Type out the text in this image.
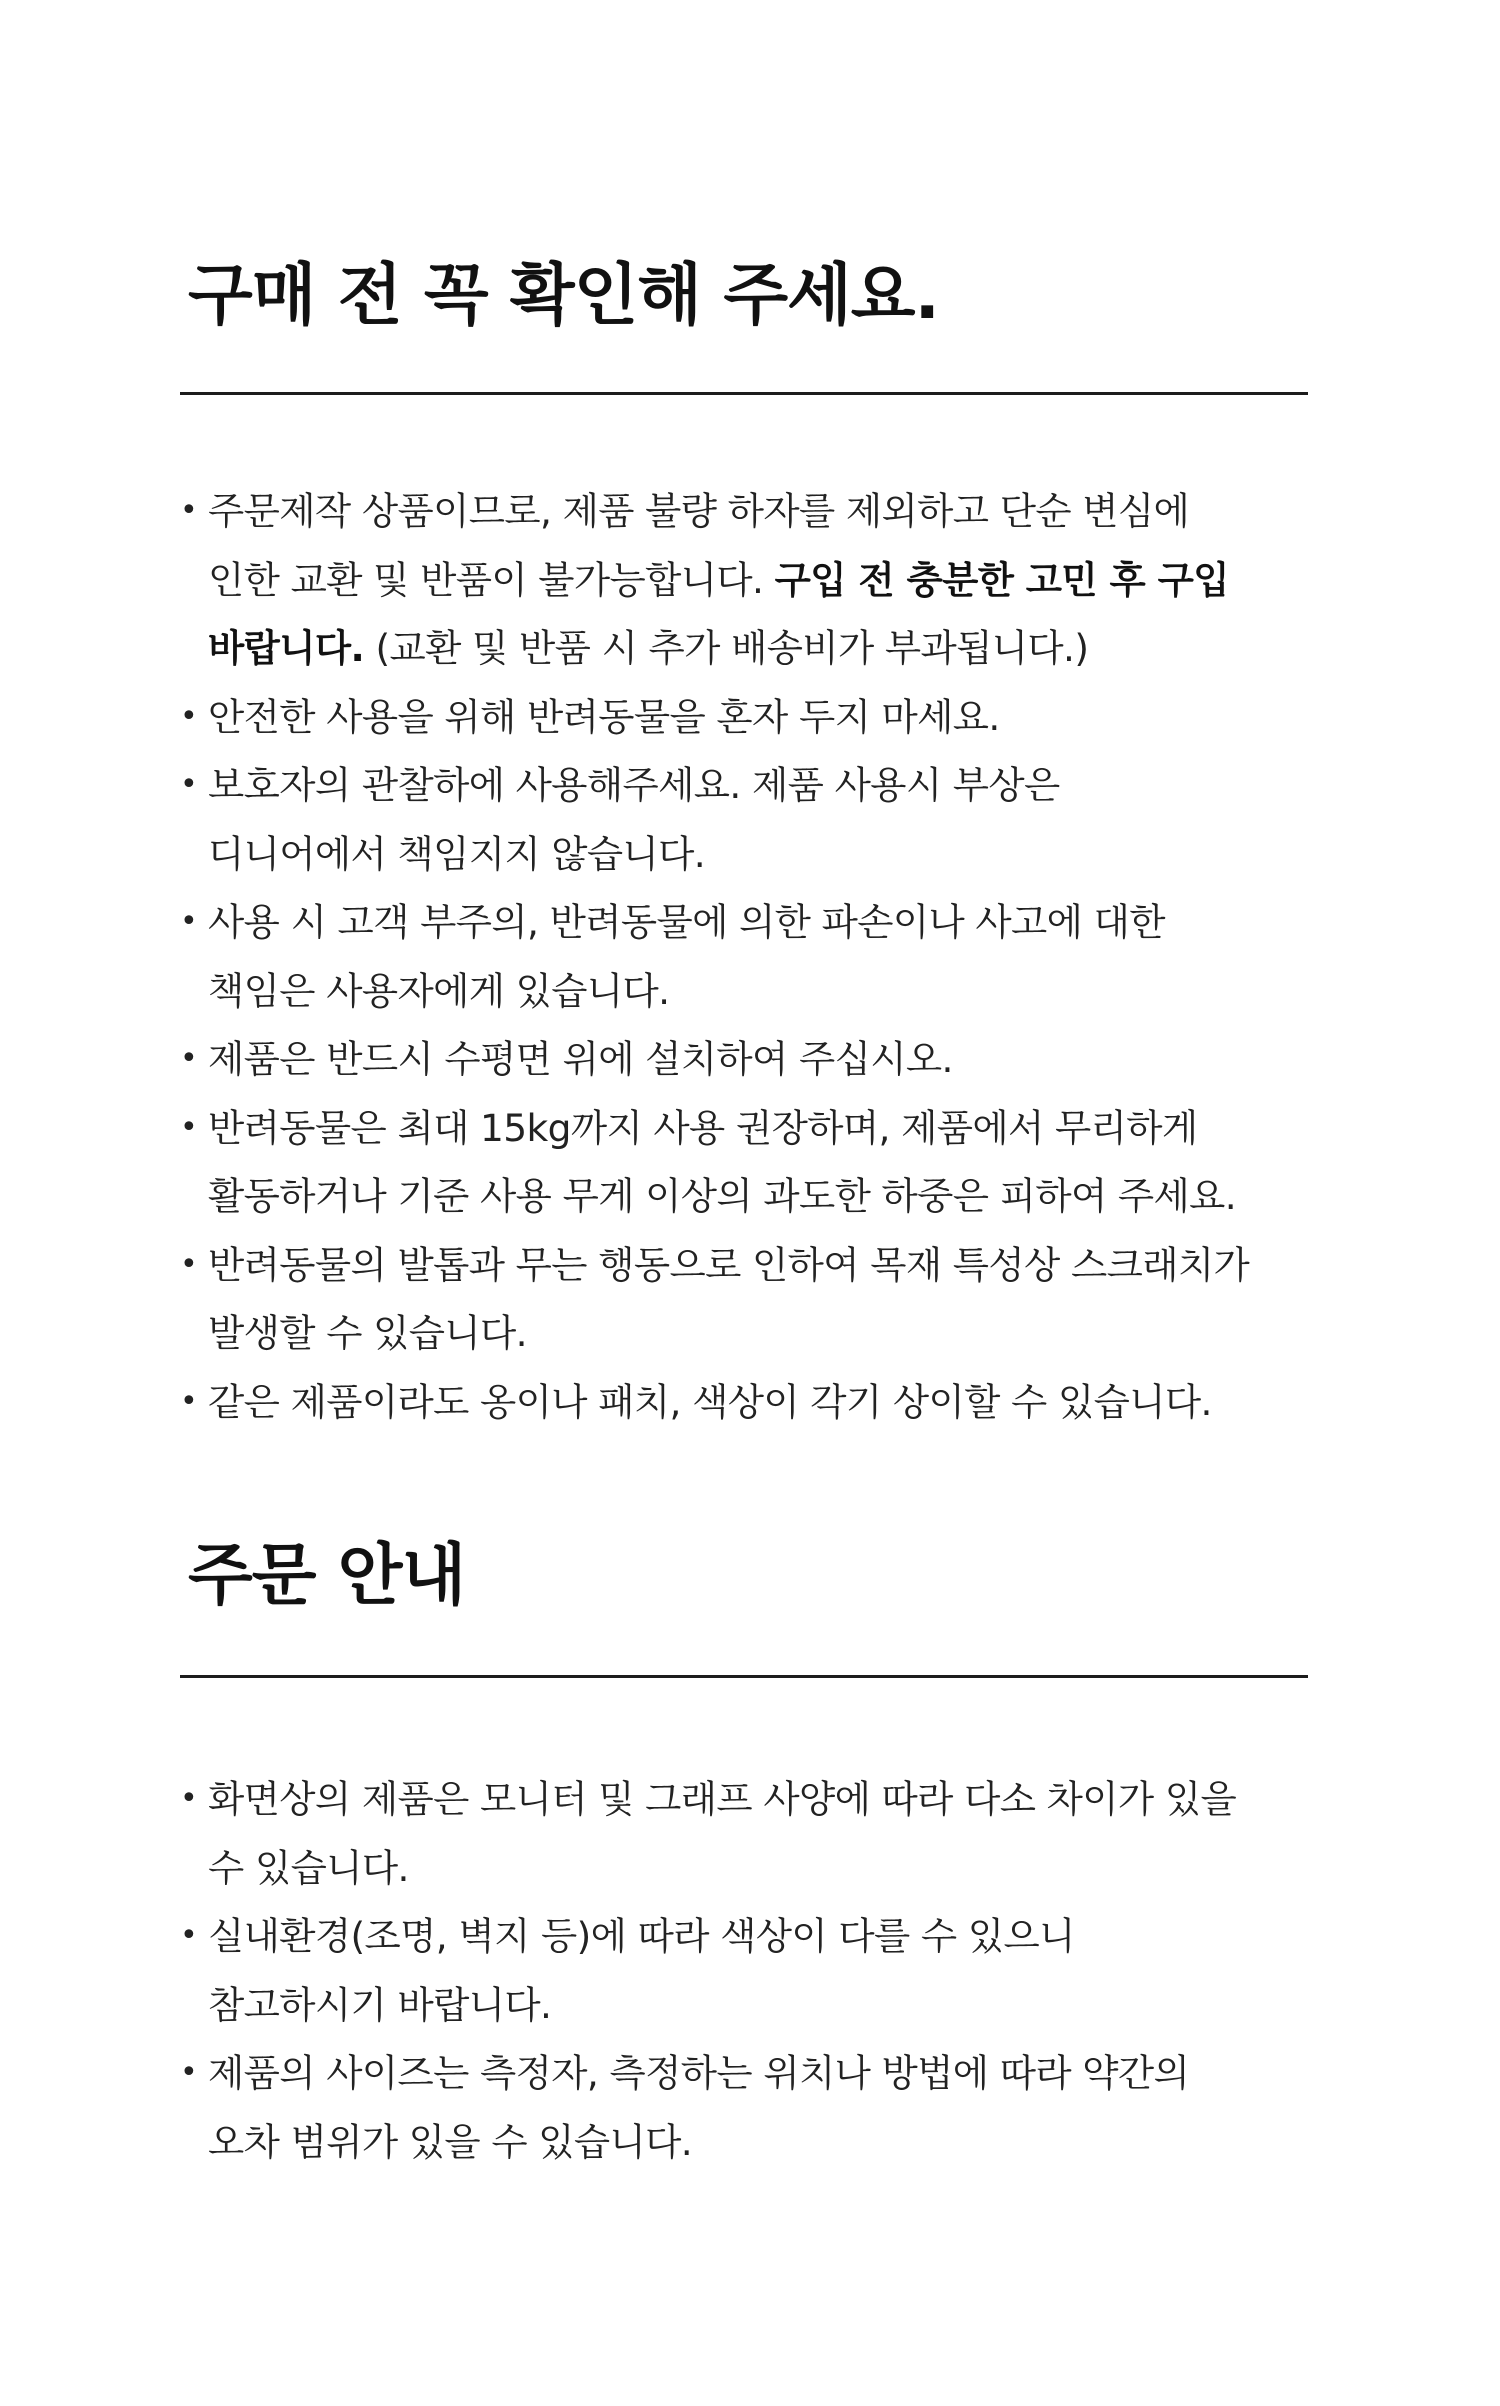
구매 전 꼭 확인해 주세요.
• 주문제작 상품이므로, 제품 불량 하자를 제외하고 단순 변심에
인한 교환 및 반품이 불가능합니다. 구입 전 충분한 고민 후 구입
바랍니다. (교환 및 반품 시 추가 배송비가 부과됩니다.)
• 안전한 사용을 위해 반려동물을 혼자 두지 마세요.
• 보호자의 관찰하에 사용해주세요. 제품 사용시 부상은
디니어에서 책임지지 않습니다.
• 사용 시 고객 부주의, 반려동물에 의한 파손이나 사고에 대한
책임은 사용자에게 있습니다.
• 제품은 반드시 수평면 위에 설치하여 주십시오.
• 반려동물은 최대 15kg까지 사용 권장하며, 제품에서 무리하게
활동하거나 기준 사용 무게 이상의 과도한 하중은 피하여 주세요.
• 반려동물의 발톱과 무는 행동으로 인하여 목재 특성상 스크래치가
발생할 수 있습니다.
• 같은 제품이라도 옹이나 패치, 색상이 각기 상이할 수 있습니다.
주문 안내
• 화면상의 제품은 모니터 및 그래프 사양에 따라 다소 차이가 있을
수 있습니다.
• 실내환경(조명, 벽지 등)에 따라 색상이 다를 수 있으니
참고하시기 바랍니다.
• 제품의 사이즈는 측정자, 측정하는 위치나 방법에 따라 약간의
오차 범위가 있을 수 있습니다.
